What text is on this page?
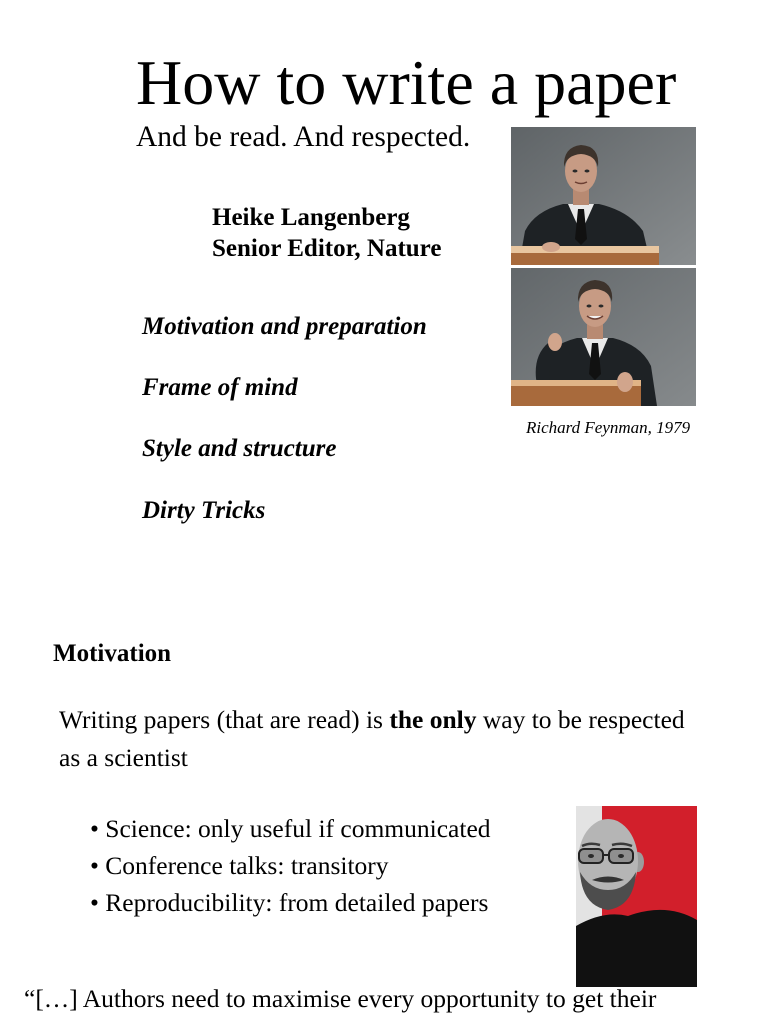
How to write a paper
And be read. And respected.
Heike Langenberg
Senior Editor, Nature
Motivation and preparation
Frame of mind
Style and structure
Dirty Tricks
Richard Feynman, 1979
Motivation
Writing papers (that are read) is the only way to be respected
as a scientist
• Science: only useful if communicated
• Conference talks: transitory
• Reproducibility: from detailed papers
“[…] Authors need to maximise every opportunity to get their
